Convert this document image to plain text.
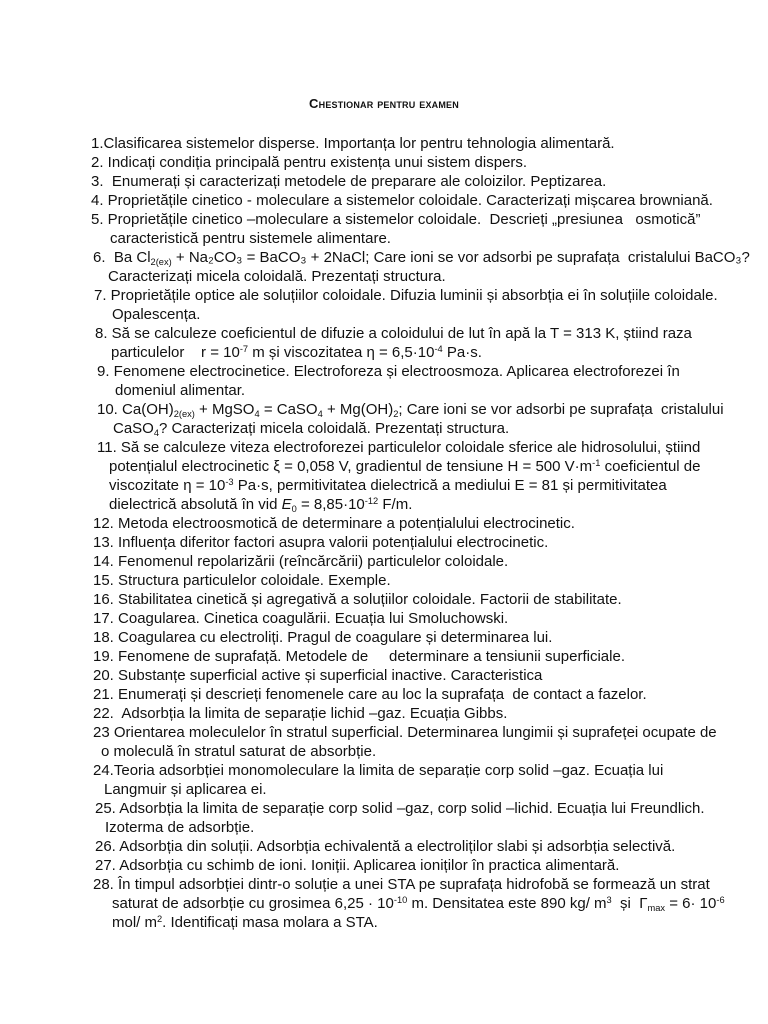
Chestionar pentru examen
1.Clasificarea sistemelor disperse. Importanța lor pentru tehnologia alimentară.
2. Indicați condiția principală pentru existența unui sistem dispers.
3.  Enumerați și caracterizați metodele de preparare ale coloizilor. Peptizarea.
4. Proprietățile cinetico - moleculare a sistemelor coloidale. Caracterizați mișcarea browniană.
5. Proprietățile cinetico –moleculare a sistemelor coloidale.  Descrieți „presiunea   osmotică”
caracteristică pentru sistemele alimentare.
6.  Ba $Cl_{2(ex)} + Na_2CO_3$ = BaCO₃ + 2NaCl; Care ioni se vor adsorbi pe suprafața  cristalului BaCO₃?
Caracterizați micela coloidală. Prezentați structura.
7. Proprietățile optice ale soluțiilor coloidale. Difuzia luminii și absorbția ei în soluțiile coloidale.
Opalescența.
8. Să se calculeze coeficientul de difuzie a coloidului de lut în apă la T = 313 K, știind raza
particulelor    $r = 10^{-7}$ m și viscozitatea $\eta = 6,5\cdot 10^{-4}$ Pa·s.
9. Fenomene electrocinetice. Electroforeza și electroosmoza. Aplicarea electroforezei în
domeniul alimentar.
10. $Ca(OH)_{2(ex)}$ + MgSO$_4$ = CaSO$_4$ + $Mg(OH)_2$; Care ioni se vor adsorbi pe suprafața  cristalului
CaSO$_4$? Caracterizați micela coloidală. Prezentați structura.
11. Să se calculeze viteza electroforezei particulelor coloidale sferice ale hidrosolului, știind
potențialul electrocinetic ξ = 0,058 V, gradientul de tensiune H = 500 $V\cdot m^{-1}$ coeficientul de
viscozitate $\eta = 10^{-3}$ Pa·s, permitivitatea dielectrică a mediului E = 81 și permitivitatea
dielectrică absolută în vid $E_0 = 8,85\cdot 10^{-12}$ F/m.
12. Metoda electroosmotică de determinare a potențialului electrocinetic.
13. Influența diferitor factori asupra valorii potențialului electrocinetic.
14. Fenomenul repolarizării (reîncărcării) particulelor coloidale.
15. Structura particulelor coloidale. Exemple.
16. Stabilitatea cinetică și agregativă a soluțiilor coloidale. Factorii de stabilitate.
17. Coagularea. Cinetica coagulării. Ecuația lui Smoluchowski.
18. Coagularea cu electroliți. Pragul de coagulare și determinarea lui.
19. Fenomene de suprafață. Metodele de     determinare a tensiunii superficiale.
20. Substanțe superficial active și superficial inactive. Caracteristica
21. Enumerați și descrieți fenomenele care au loc la suprafața  de contact a fazelor.
22.  Adsorbția la limita de separație lichid –gaz. Ecuația Gibbs.
23 Orientarea moleculelor în stratul superficial. Determinarea lungimii și suprafeței ocupate de
o moleculă în stratul saturat de absorbție.
24.Teoria adsorbției monomoleculare la limita de separație corp solid –gaz. Ecuația lui
Langmuir și aplicarea ei.
25. Adsorbția la limita de separație corp solid –gaz, corp solid –lichid. Ecuația lui Freundlich.
Izoterma de adsorbție.
26. Adsorbția din soluții. Adsorbția echivalentă a electroliților slabi și adsorbția selectivă.
27. Adsorbția cu schimb de ioni. Ioniții. Aplicarea ioniților în practica alimentară.
28. În timpul adsorbției dintr-o soluție a unei STA pe suprafața hidrofobă se formează un strat
saturat de adsorbție cu grosimea $6,25 \cdot 10^{-10}$ m. Densitatea este 890 kg/ $m^3$  și  $\Gamma_{max} = 6\cdot 10^{-6}$
mol/ $m^2$. Identificați masa molara a STA.
